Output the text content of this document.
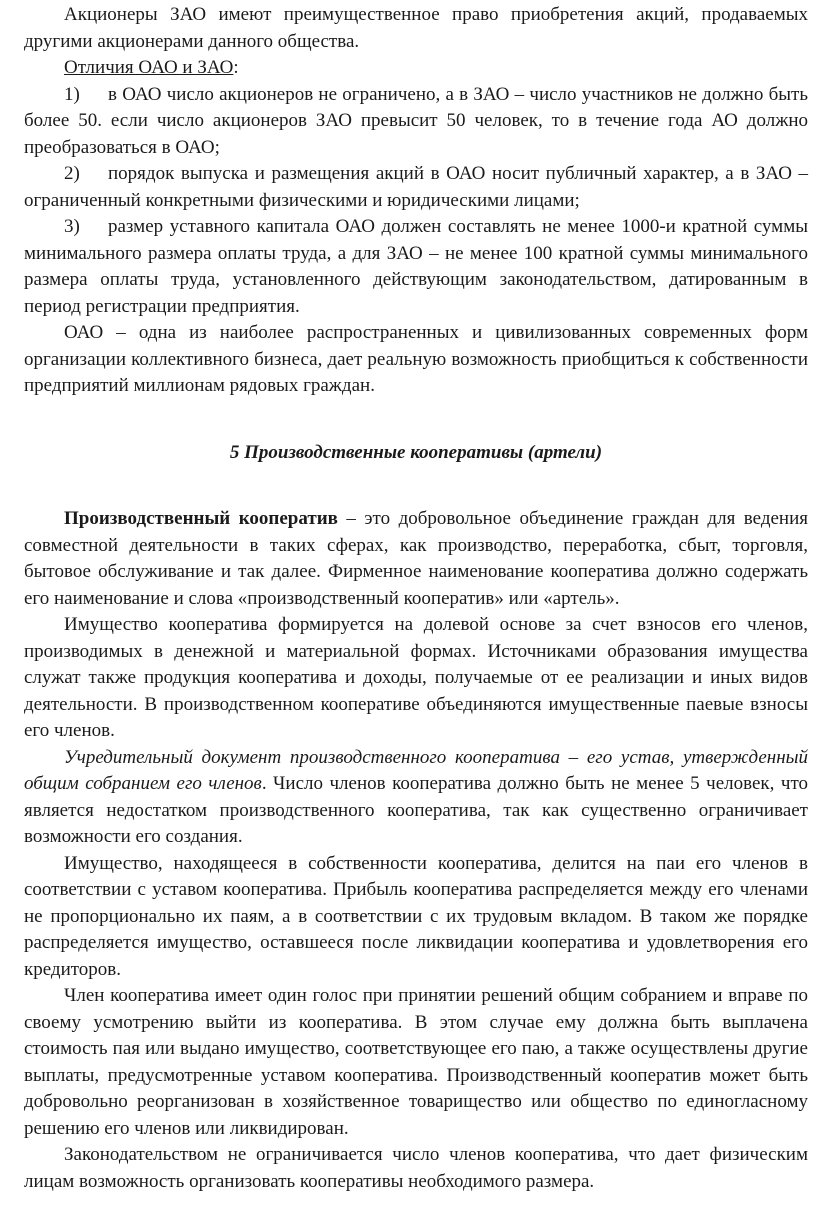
Акционеры ЗАО имеют преимущественное право приобретения акций, продаваемых другими акционерами данного общества.

Отличия ОАО и ЗАО:

1) в ОАО число акционеров не ограничено, а в ЗАО – число участников не должно быть более 50. если число акционеров ЗАО превысит 50 человек, то в течение года АО должно преобразоваться в ОАО;

2) порядок выпуска и размещения акций в ОАО носит публичный характер, а в ЗАО – ограниченный конкретными физическими и юридическими лицами;

3) размер уставного капитала ОАО должен составлять не менее 1000-и кратной суммы минимального размера оплаты труда, а для ЗАО – не менее 100 кратной суммы минимального размера оплаты труда, установленного действующим законодательством, датированным в период регистрации предприятия.

ОАО – одна из наиболее распространенных и цивилизованных современных форм организации коллективного бизнеса, дает реальную возможность приобщиться к собственности предприятий миллионам рядовых граждан.

5 Производственные кооперативы (артели)

Производственный кооператив – это добровольное объединение граждан для ведения совместной деятельности в таких сферах, как производство, переработка, сбыт, торговля, бытовое обслуживание и так далее. Фирменное наименование кооператива должно содержать его наименование и слова «производственный кооператив» или «артель».

Имущество кооператива формируется на долевой основе за счет взносов его членов, производимых в денежной и материальной формах. Источниками образования имущества служат также продукция кооператива и доходы, получаемые от ее реализации и иных видов деятельности. В производственном кооперативе объединяются имущественные паевые взносы его членов.

Учредительный документ производственного кооператива – его устав, утвержденный общим собранием его членов. Число членов кооператива должно быть не менее 5 человек, что является недостатком производственного кооператива, так как существенно ограничивает возможности его создания.

Имущество, находящееся в собственности кооператива, делится на паи его членов в соответствии с уставом кооператива. Прибыль кооператива распределяется между его членами не пропорционально их паям, а в соответствии с их трудовым вкладом. В таком же порядке распределяется имущество, оставшееся после ликвидации кооператива и удовлетворения его кредиторов.

Член кооператива имеет один голос при принятии решений общим собранием и вправе по своему усмотрению выйти из кооператива. В этом случае ему должна быть выплачена стоимость пая или выдано имущество, соответствующее его паю, а также осуществлены другие выплаты, предусмотренные уставом кооператива. Производственный кооператив может быть добровольно реорганизован в хозяйственное товарищество или общество по единогласному решению его членов или ликвидирован.

Законодательством не ограничивается число членов кооператива, что дает физическим лицам возможность организовать кооперативы необходимого размера.
